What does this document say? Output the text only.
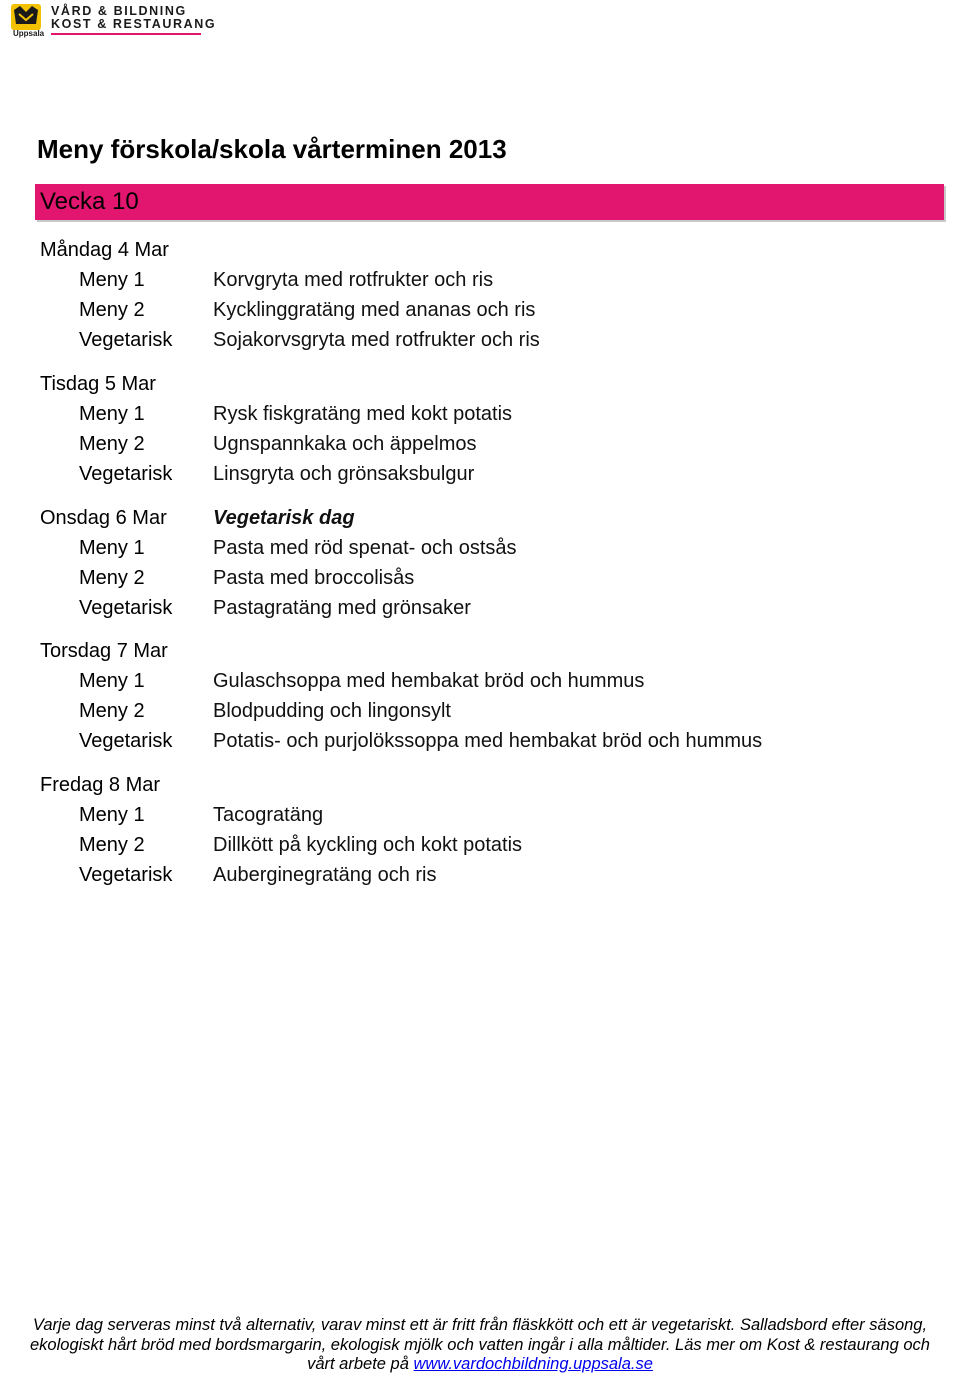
Uppsala
VÅRD & BILDNING
KOST & RESTAURANG
Meny förskola/skola vårterminen 2013
Vecka 10
Måndag 4 Mar
Meny 1
Meny 2
Vegetarisk
Korvgryta med rotfrukter och ris
Kycklinggratäng med ananas och ris
Sojakorvsgryta med rotfrukter och ris
Tisdag 5 Mar
Meny 1
Meny 2
Vegetarisk
Rysk fiskgratäng med kokt potatis
Ugnspannkaka och äppelmos
Linsgryta och grönsaksbulgur
Onsdag 6 Mar Vegetarisk dag
Meny 1
Meny 2
Vegetarisk
Pasta med röd spenat- och ostsås
Pasta med broccolisås
Pastagratäng med grönsaker
Torsdag 7 Mar
Meny 1
Meny 2
Vegetarisk
Gulaschsoppa med hembakat bröd och hummus
Blodpudding och lingonsylt
Potatis- och purjolökssoppa med hembakat bröd och hummus
Fredag 8 Mar
Meny 1
Meny 2
Vegetarisk
Tacogratäng
Dillkött på kyckling och kokt potatis
Auberginegratäng och ris
Varje dag serveras minst två alternativ, varav minst ett är fritt från fläskkött och ett är vegetariskt. Salladsbord efter säsong,
ekologiskt hårt bröd med bordsmargarin, ekologisk mjölk och vatten ingår i alla måltider. Läs mer om Kost & restaurang och
vårt arbete på www.vardochbildning.uppsala.se
